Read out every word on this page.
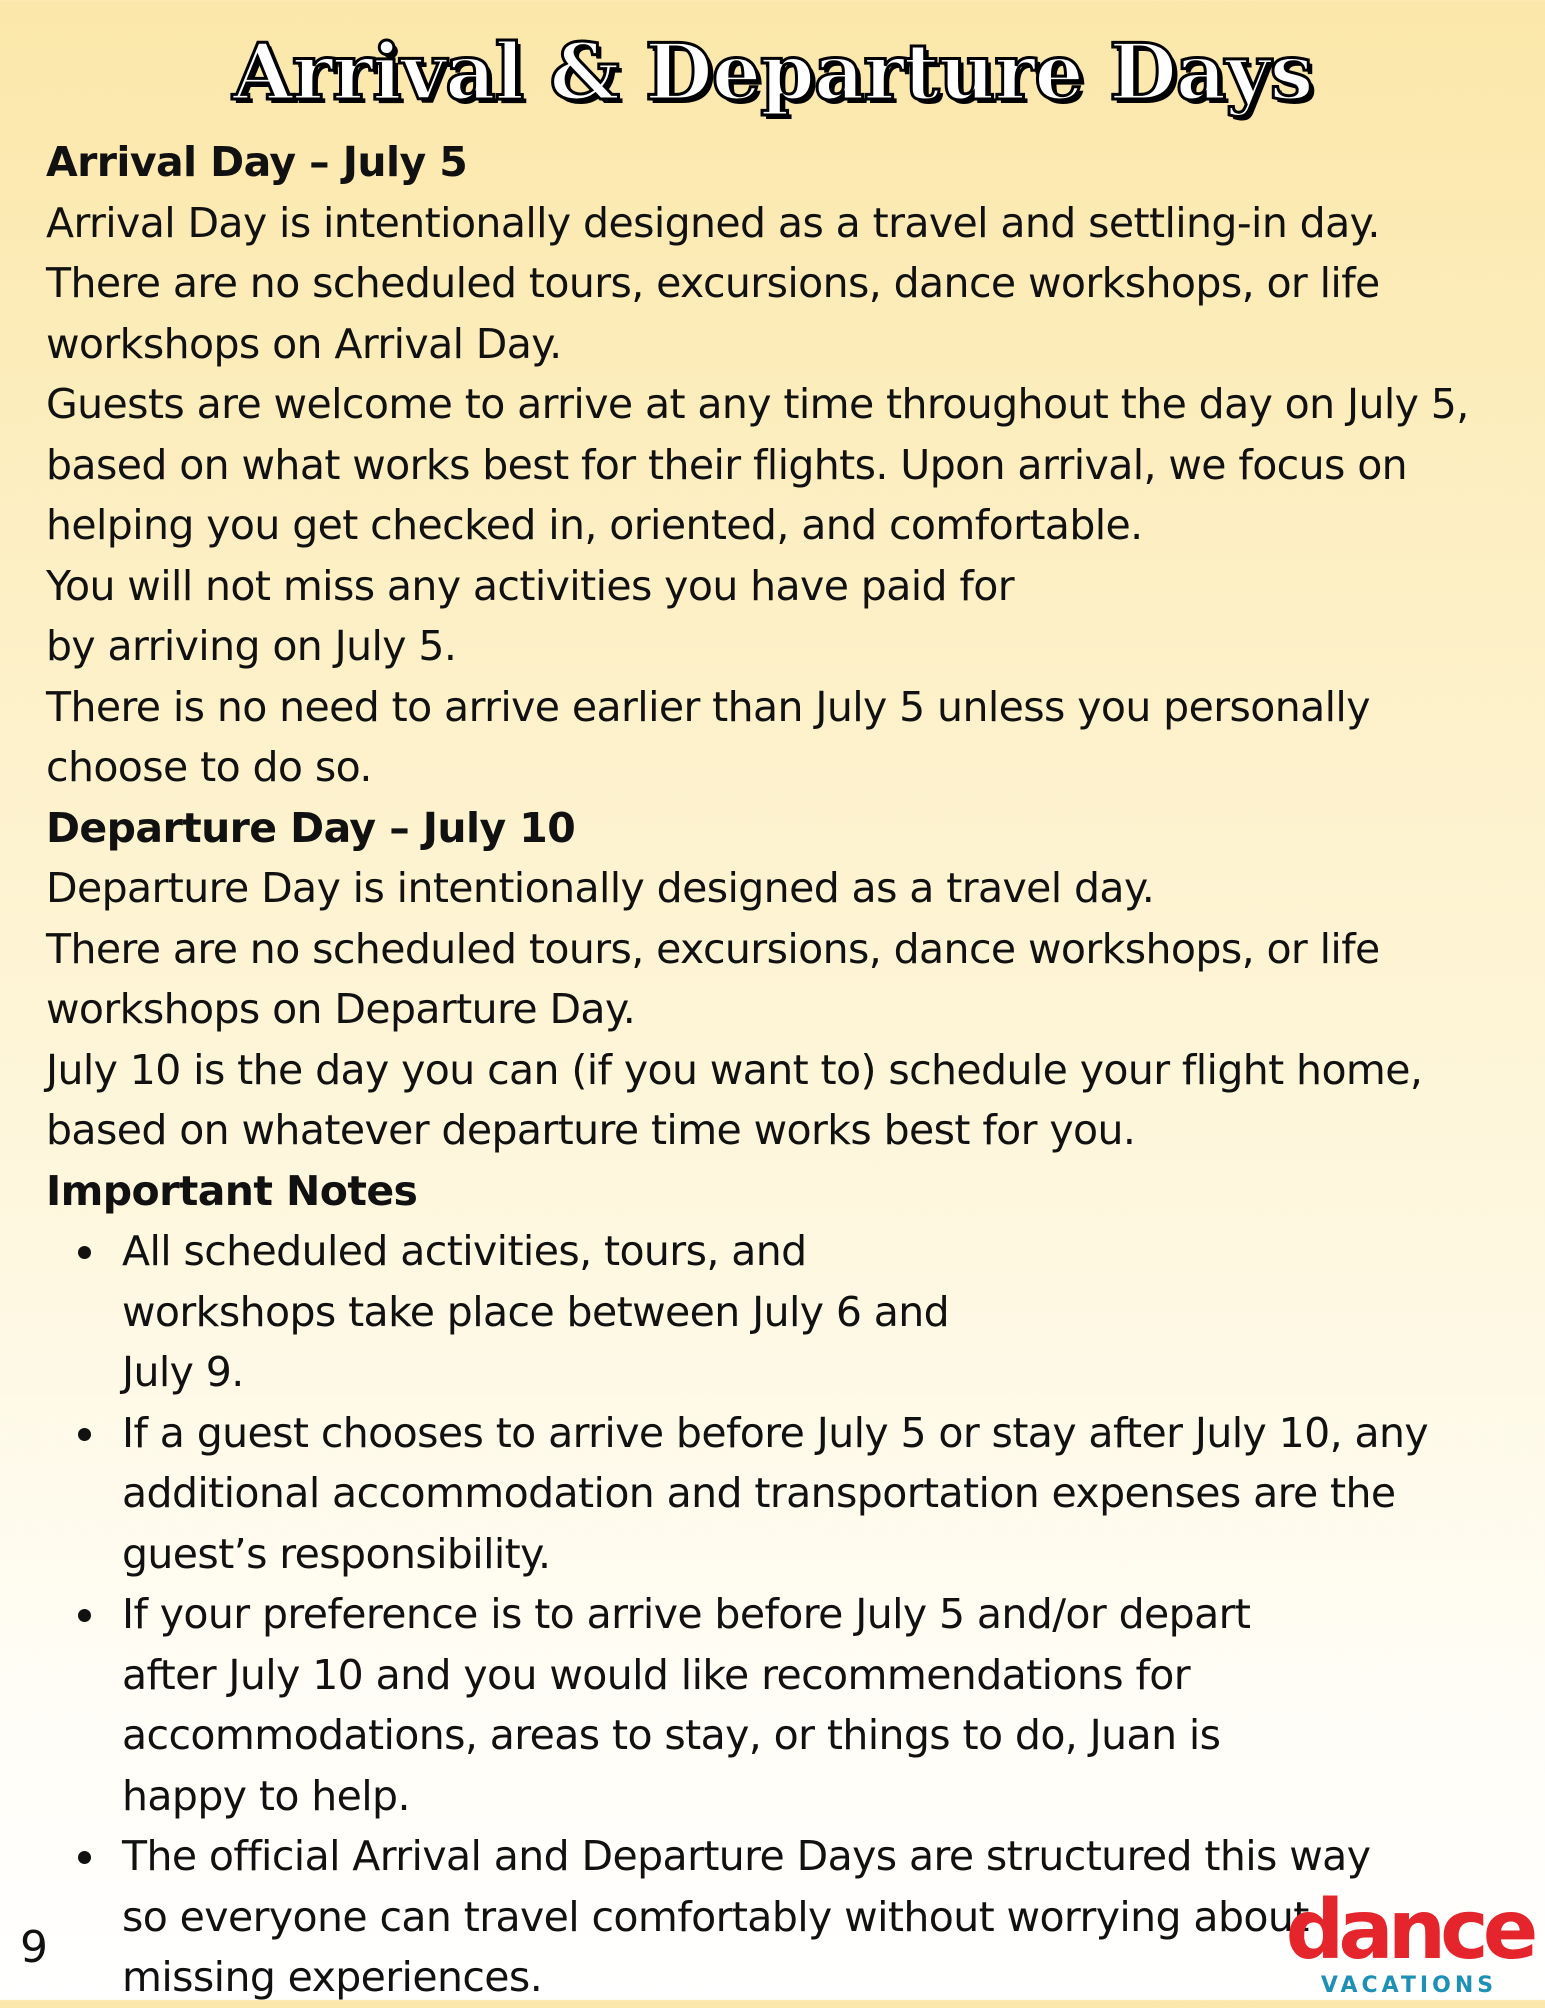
Arrival & Departure Days
Arrival Day – July 5

Arrival Day is intentionally designed as a travel and settling-in day.

There are no scheduled tours, excursions, dance workshops, or life workshops on Arrival Day.

Guests are welcome to arrive at any time throughout the day on July 5, based on what works best for their flights. Upon arrival, we focus on helping you get checked in, oriented, and comfortable.

You will not miss any activities you have paid for by arriving on July 5.

There is no need to arrive earlier than July 5 unless you personally choose to do so.

Departure Day – July 10

Departure Day is intentionally designed as a travel day.

There are no scheduled tours, excursions, dance workshops, or life workshops on Departure Day.

July 10 is the day you can (if you want to) schedule your flight home, based on whatever departure time works best for you.

Important Notes
All scheduled activities, tours, and workshops take place between July 6 and July 9.
If a guest chooses to arrive before July 5 or stay after July 10, any additional accommodation and transportation expenses are the guest’s responsibility.
If your preference is to arrive before July 5 and/or depart after July 10 and you would like recommendations for accommodations, areas to stay, or things to do, Juan is happy to help.
The official Arrival and Departure Days are structured this way so everyone can travel comfortably without worrying about missing experiences.
9	dance
VACATIONS
